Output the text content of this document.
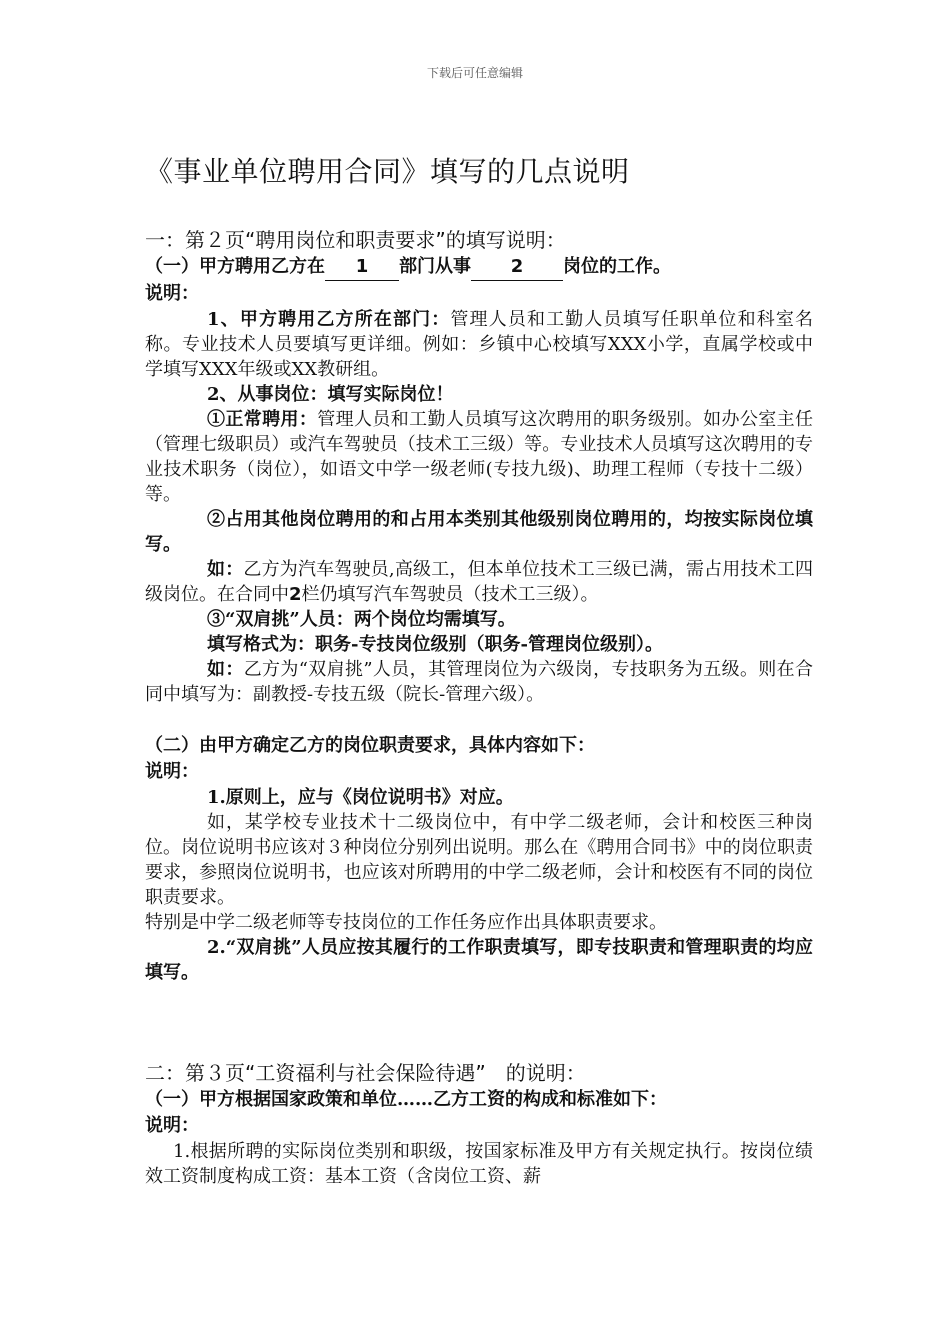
下载后可任意编辑
《事业单位聘用合同》填写的几点说明
一：第２页“聘用岗位和职责要求”的填写说明：

（一）甲方聘用乙方在 1 部门从事 2 岗位的工作。

说明：

1、甲方聘用乙方所在部门：管理人员和工勤人员填写任职单位和科室名称。专业技术人员要填写更详细。例如：乡镇中心校填写XXX小学，直属学校或中学填写XXX年级或XX教研组。

2、从事岗位：填写实际岗位！

①正常聘用：管理人员和工勤人员填写这次聘用的职务级别。如办公室主任（管理七级职员）或汽车驾驶员（技术工三级）等。专业技术人员填写这次聘用的专业技术职务（岗位），如语文中学一级老师(专技九级)、助理工程师（专技十二级）等。

②占用其他岗位聘用的和占用本类别其他级别岗位聘用的，均按实际岗位填写。

如：乙方为汽车驾驶员,高级工，但本单位技术工三级已满，需占用技术工四级岗位。在合同中2栏仍填写汽车驾驶员（技术工三级）。

③“双肩挑”人员：两个岗位均需填写。

填写格式为：职务-专技岗位级别（职务-管理岗位级别）。

如：乙方为“双肩挑”人员，其管理岗位为六级岗，专技职务为五级。则在合同中填写为：副教授-专技五级（院长-管理六级）。

（二）由甲方确定乙方的岗位职责要求，具体内容如下：

说明：

1.原则上，应与《岗位说明书》对应。

如，某学校专业技术十二级岗位中，有中学二级老师，会计和校医三种岗位。岗位说明书应该对３种岗位分别列出说明。那么在《聘用合同书》中的岗位职责要求，参照岗位说明书，也应该对所聘用的中学二级老师，会计和校医有不同的岗位职责要求。

特别是中学二级老师等专技岗位的工作任务应作出具体职责要求。

2.“双肩挑”人员应按其履行的工作职责填写，即专技职责和管理职责的均应填写。

二：第３页“工资福利与社会保险待遇”　的说明：

（一）甲方根据国家政策和单位……乙方工资的构成和标准如下：

说明：

1.根据所聘的实际岗位类别和职级，按国家标准及甲方有关规定执行。按岗位绩效工资制度构成工资：基本工资（含岗位工资、薪
